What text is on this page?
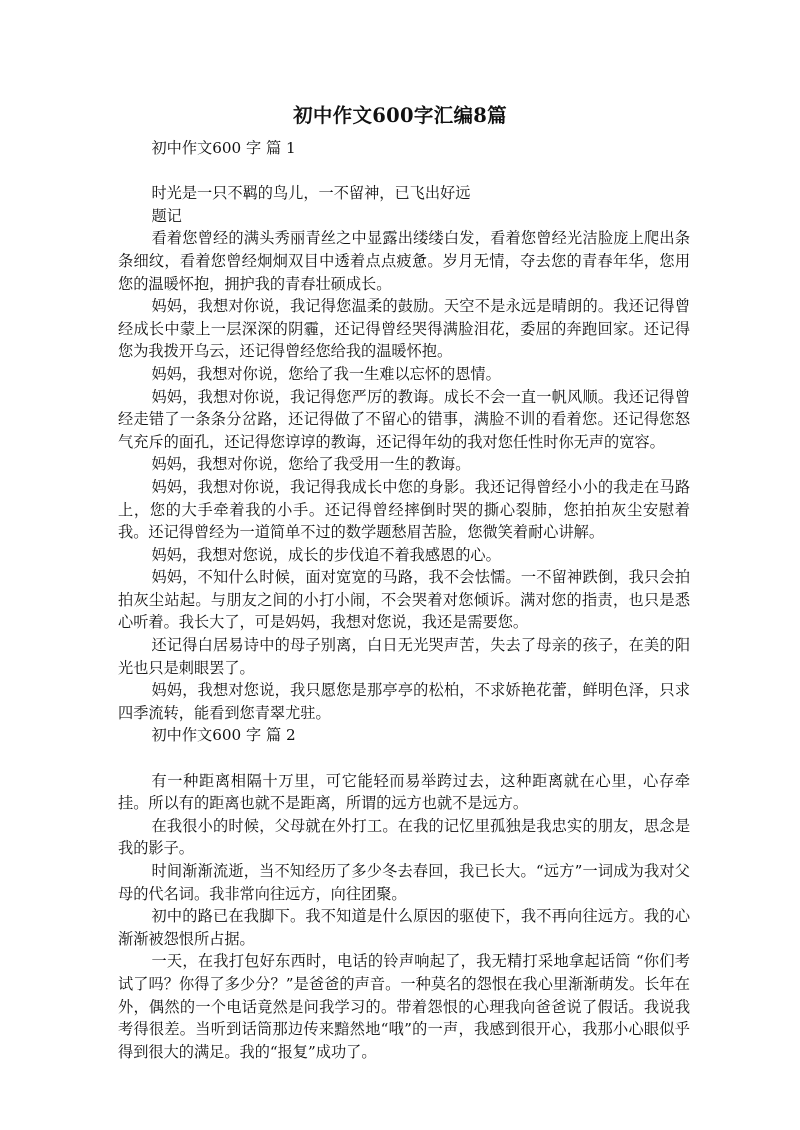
初中作文600字汇编8篇

初中作文600 字 篇 1

时光是一只不羁的鸟儿，一不留神，已飞出好远

题记

看着您曾经的满头秀丽青丝之中显露出缕缕白发，看着您曾经光洁脸庞上爬出条条细纹，看着您曾经炯炯双目中透着点点疲惫。岁月无情，夺去您的青春年华，您用您的温暖怀抱，拥护我的青春壮硕成长。

妈妈，我想对你说，我记得您温柔的鼓励。天空不是永远是晴朗的。我还记得曾经成长中蒙上一层深深的阴霾，还记得曾经哭得满脸泪花，委屈的奔跑回家。还记得您为我拨开乌云，还记得曾经您给我的温暖怀抱。

妈妈，我想对你说，您给了我一生难以忘怀的恩情。

妈妈，我想对你说，我记得您严厉的教诲。成长不会一直一帆风顺。我还记得曾经走错了一条条分岔路，还记得做了不留心的错事，满脸不训的看着您。还记得您怒气充斥的面孔，还记得您谆谆的教诲，还记得年幼的我对您任性时你无声的宽容。

妈妈，我想对你说，您给了我受用一生的教诲。

妈妈，我想对你说，我记得我成长中您的身影。我还记得曾经小小的我走在马路上，您的大手牵着我的小手。还记得曾经摔倒时哭的撕心裂肺，您拍拍灰尘安慰着我。还记得曾经为一道简单不过的数学题愁眉苦脸，您微笑着耐心讲解。

妈妈，我想对您说，成长的步伐追不着我感恩的心。

妈妈，不知什么时候，面对宽宽的马路，我不会怯懦。一不留神跌倒，我只会拍拍灰尘站起。与朋友之间的小打小闹，不会哭着对您倾诉。满对您的指责，也只是悉心听着。我长大了，可是妈妈，我想对您说，我还是需要您。

还记得白居易诗中的母子别离，白日无光哭声苦，失去了母亲的孩子，在美的阳光也只是刺眼罢了。

妈妈，我想对您说，我只愿您是那亭亭的松柏，不求娇艳花蕾，鲜明色泽，只求四季流转，能看到您青翠尤驻。

初中作文600 字 篇 2

有一种距离相隔十万里，可它能轻而易举跨过去，这种距离就在心里，心存牵挂。所以有的距离也就不是距离，所谓的远方也就不是远方。

在我很小的时候，父母就在外打工。在我的记忆里孤独是我忠实的朋友，思念是我的影子。

时间渐渐流逝，当不知经历了多少冬去春回，我已长大。“远方”一词成为我对父母的代名词。我非常向往远方，向往团聚。

初中的路已在我脚下。我不知道是什么原因的驱使下，我不再向往远方。我的心渐渐被怨恨所占据。

一天，在我打包好东西时，电话的铃声响起了，我无精打采地拿起话筒 “你们考试了吗？你得了多少分？”是爸爸的声音。一种莫名的怨恨在我心里渐渐萌发。长年在外，偶然的一个电话竟然是问我学习的。带着怨恨的心理我向爸爸说了假话。我说我考得很差。当听到话筒那边传来黯然地“哦”的一声，我感到很开心，我那小心眼似乎得到很大的满足。我的“报复”成功了。
